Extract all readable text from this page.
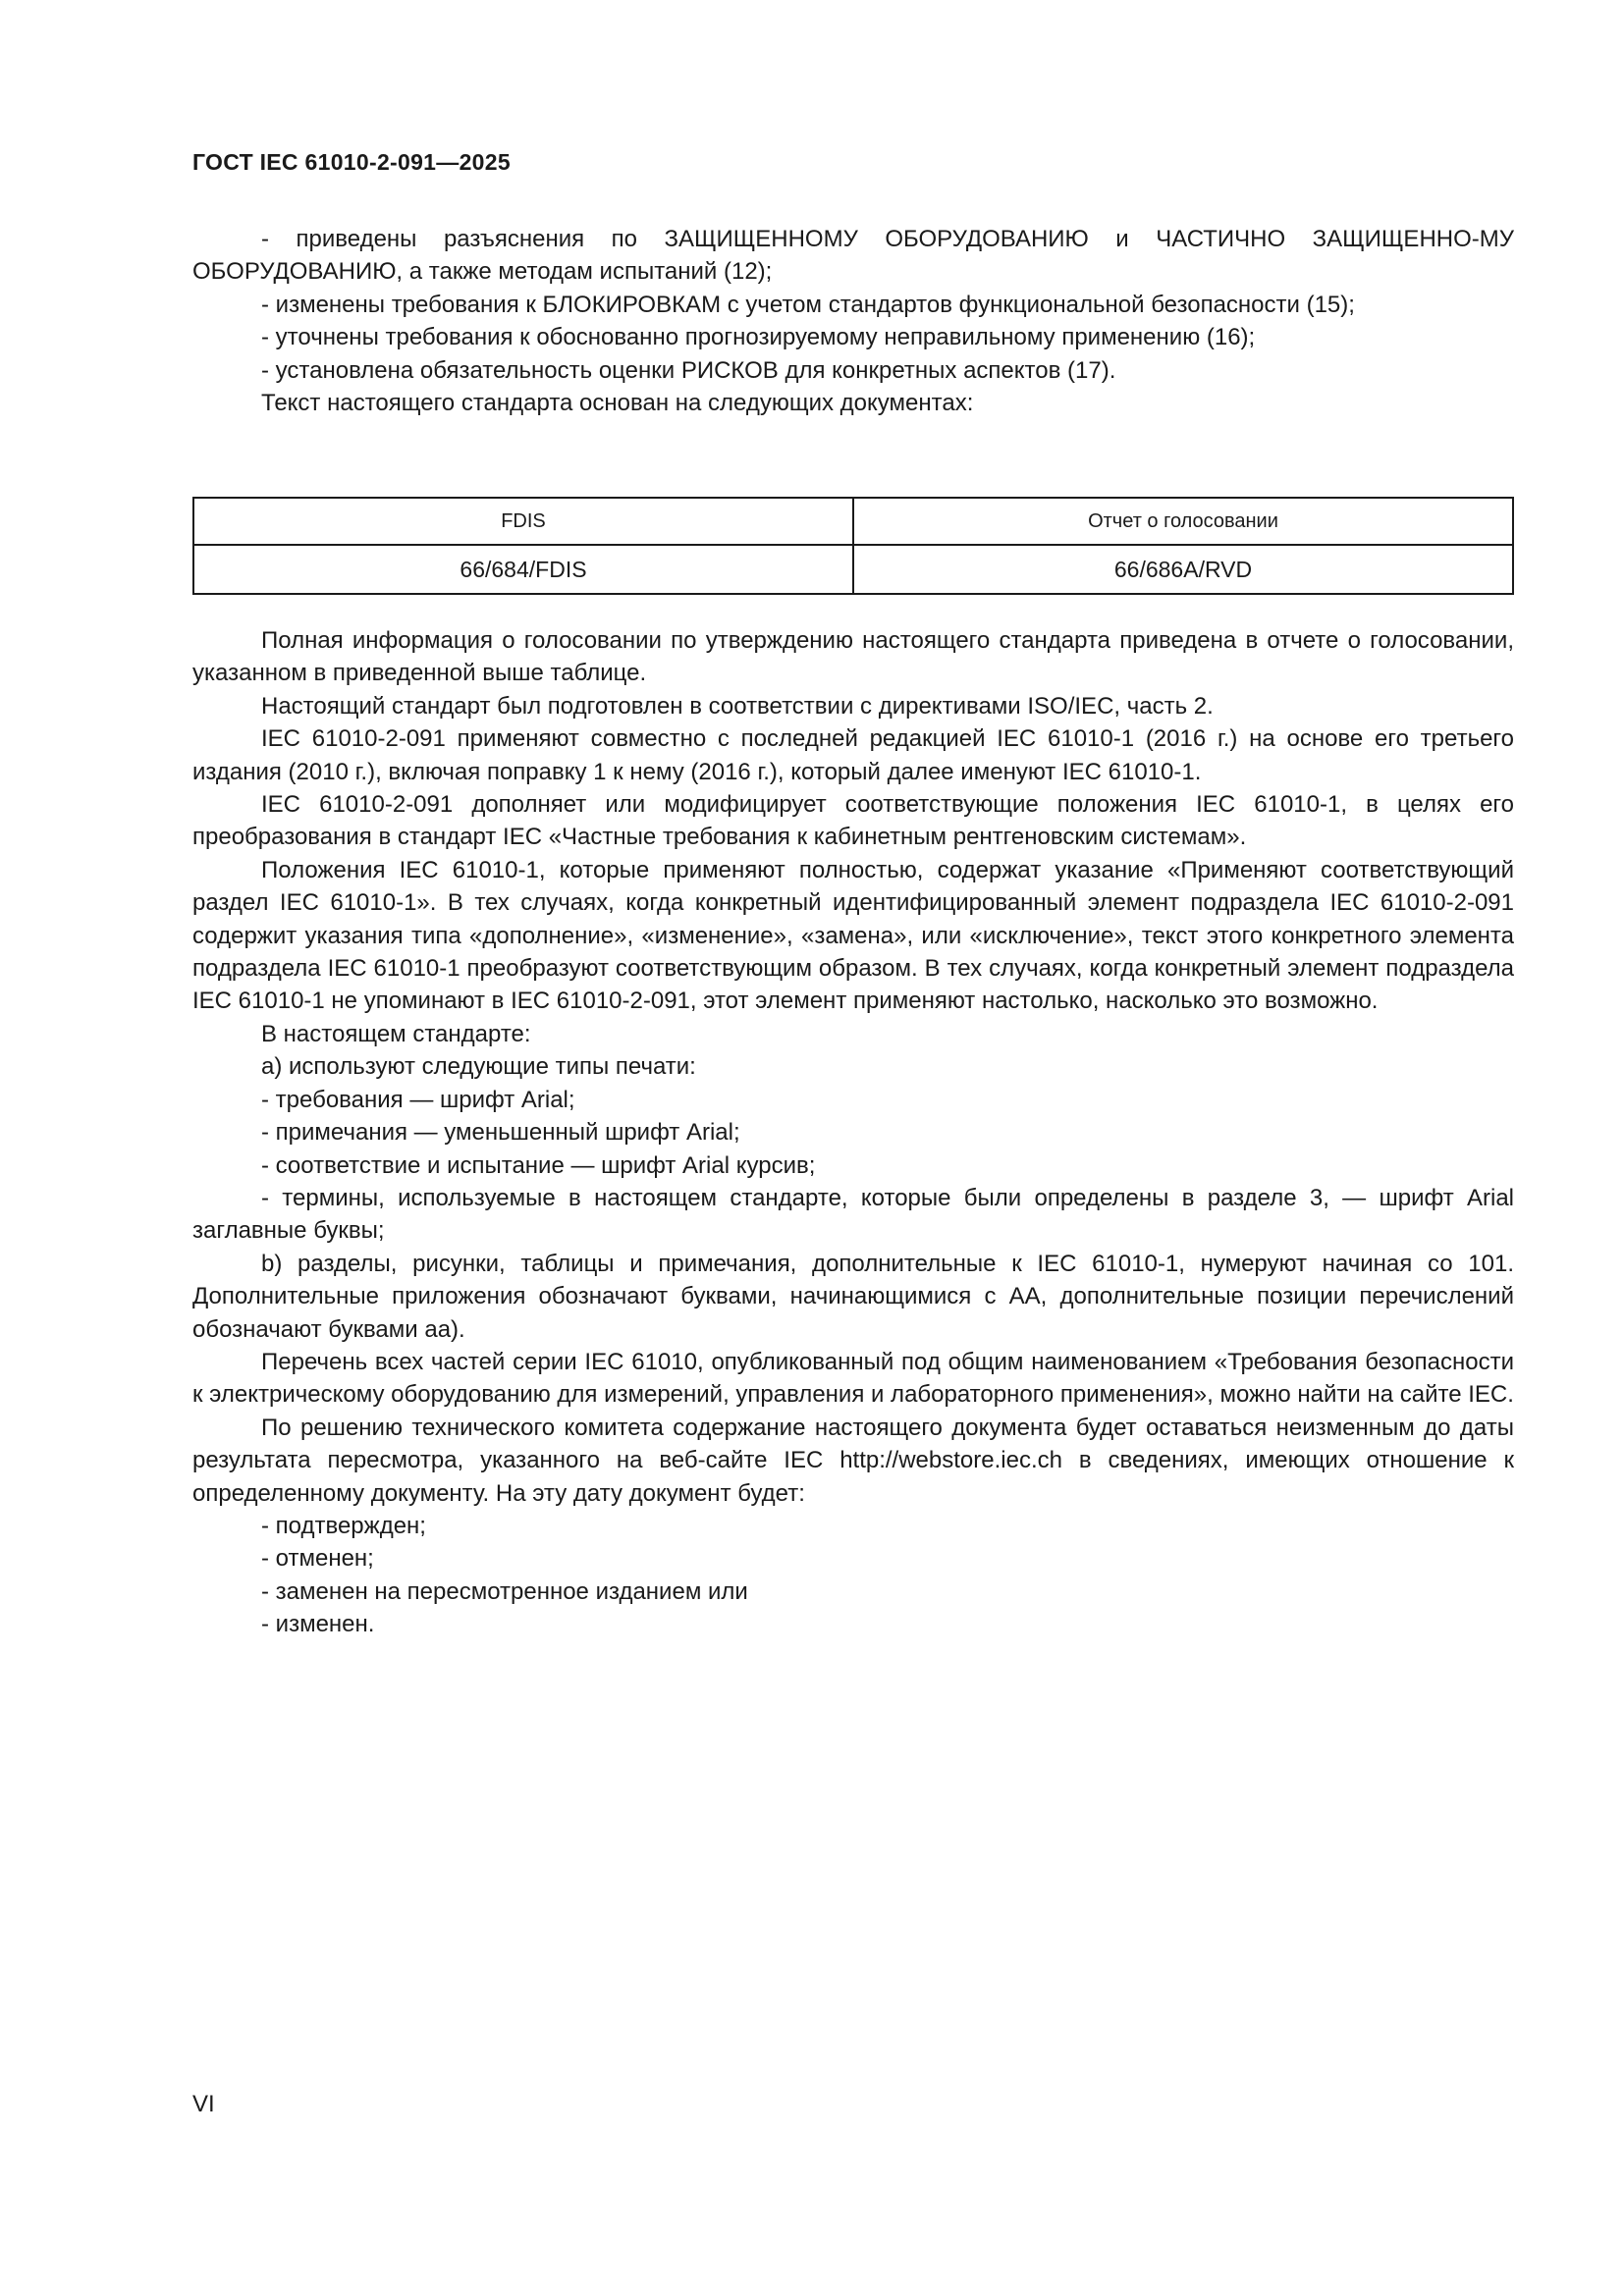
ГОСТ IEC 61010-2-091—2025

- приведены разъяснения по ЗАЩИЩЕННОМУ ОБОРУДОВАНИЮ и ЧАСТИЧНО ЗАЩИЩЕННО-МУ ОБОРУДОВАНИЮ, а также методам испытаний (12);

- изменены требования к БЛОКИРОВКАМ с учетом стандартов функциональной безопасности (15);

- уточнены требования к обоснованно прогнозируемому неправильному применению (16);

- установлена обязательность оценки РИСКОВ для конкретных аспектов (17).

Текст настоящего стандарта основан на следующих документах:

FDIS	Отчет о голосовании
66/684/FDIS	66/686A/RVD

Полная информация о голосовании по утверждению настоящего стандарта приведена в отчете о голосовании, указанном в приведенной выше таблице.

Настоящий стандарт был подготовлен в соответствии с директивами ISO/IEC, часть 2.

IEC 61010-2-091 применяют совместно с последней редакцией IEC 61010-1 (2016 г.) на основе его третьего издания (2010 г.), включая поправку 1 к нему (2016 г.), который далее именуют IEC 61010-1.

IEC 61010-2-091 дополняет или модифицирует соответствующие положения IEC 61010-1, в целях его преобразования в стандарт IEC «Частные требования к кабинетным рентгеновским системам».

Положения IEC 61010-1, которые применяют полностью, содержат указание «Применяют соответствующий раздел IEC 61010-1». В тех случаях, когда конкретный идентифицированный элемент подраздела IEC 61010-2-091 содержит указания типа «дополнение», «изменение», «замена», или «исключение», текст этого конкретного элемента подраздела IEC 61010-1 преобразуют соответствующим образом. В тех случаях, когда конкретный элемент подраздела IEC 61010-1 не упоминают в IEC 61010-2-091, этот элемент применяют настолько, насколько это возможно.

В настоящем стандарте:

a) используют следующие типы печати:

- требования — шрифт Arial;

- примечания — уменьшенный шрифт Arial;

- соответствие и испытание — шрифт Arial курсив;

- термины, используемые в настоящем стандарте, которые были определены в разделе 3, — шрифт Arial заглавные буквы;

b) разделы, рисунки, таблицы и примечания, дополнительные к IEC 61010-1, нумеруют начиная со 101. Дополнительные приложения обозначают буквами, начинающимися с АА, дополнительные позиции перечислений обозначают буквами аа).

Перечень всех частей серии IEC 61010, опубликованный под общим наименованием «Требования безопасности к электрическому оборудованию для измерений, управления и лабораторного применения», можно найти на сайте IEC.

По решению технического комитета содержание настоящего документа будет оставаться неизменным до даты результата пересмотра, указанного на веб-сайте IEC http://webstore.iec.ch в сведениях, имеющих отношение к определенному документу. На эту дату документ будет:

- подтвержден;

- отменен;

- заменен на пересмотренное изданием или

- изменен.

VI
